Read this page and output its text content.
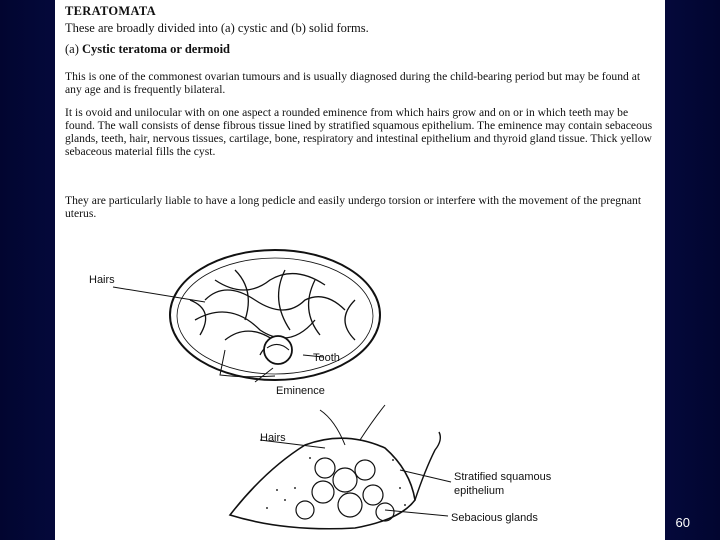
TERATOMATA
These are broadly divided into (a) cystic and (b) solid forms.
(a) Cystic teratoma or dermoid
This is one of the commonest ovarian tumours and is usually diagnosed during the child-bearing period but may be found at any age and is frequently bilateral.
It is ovoid and unilocular with on one aspect a rounded eminence from which hairs grow and on or in which teeth may be found. The wall consists of dense fibrous tissue lined by stratified squamous epithelium. The eminence may contain sebaceous glands, teeth, hair, nervous tissues, cartilage, bone, respiratory and intestinal epithelium and thyroid gland tissue. Thick yellow sebaceous material fills the cyst.
They are particularly liable to have a long pedicle and easily undergo torsion or interfere with the movement of the pregnant uterus.
Hairs
Tooth
Eminence
Hairs
Stratified squamous
epithelium
Sebacious glands	60
